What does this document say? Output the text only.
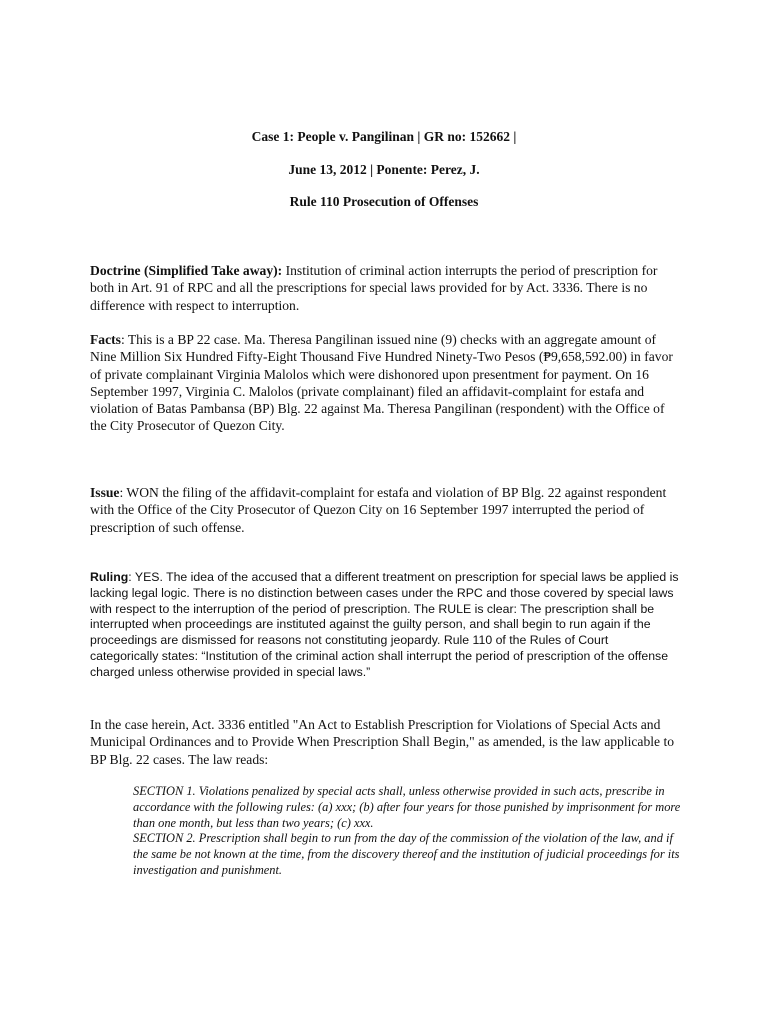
Case 1: People v. Pangilinan | GR no: 152662 |

June 13, 2012 | Ponente: Perez, J.

Rule 110 Prosecution of Offenses

Doctrine (Simplified Take away): Institution of criminal action interrupts the period of prescription for both in Art. 91 of RPC and all the prescriptions for special laws provided for by Act. 3336. There is no difference with respect to interruption.

Facts: This is a BP 22 case. Ma. Theresa Pangilinan issued nine (9) checks with an aggregate amount of Nine Million Six Hundred Fifty-Eight Thousand Five Hundred Ninety-Two Pesos (₱9,658,592.00) in favor of private complainant Virginia Malolos which were dishonored upon presentment for payment. On 16 September 1997, Virginia C. Malolos (private complainant) filed an affidavit-complaint for estafa and violation of Batas Pambansa (BP) Blg. 22 against Ma. Theresa Pangilinan (respondent) with the Office of the City Prosecutor of Quezon City.

Issue: WON the filing of the affidavit-complaint for estafa and violation of BP Blg. 22 against respondent with the Office of the City Prosecutor of Quezon City on 16 September 1997 interrupted the period of prescription of such offense.

Ruling: YES. The idea of the accused that a different treatment on prescription for special laws be applied is lacking legal logic. There is no distinction between cases under the RPC and those covered by special laws with respect to the interruption of the period of prescription. The RULE is clear: The prescription shall be interrupted when proceedings are instituted against the guilty person, and shall begin to run again if the proceedings are dismissed for reasons not constituting jeopardy. Rule 110 of the Rules of Court categorically states: “Institution of the criminal action shall interrupt the period of prescription of the offense charged unless otherwise provided in special laws.”

In the case herein, Act. 3336 entitled "An Act to Establish Prescription for Violations of Special Acts and Municipal Ordinances and to Provide When Prescription Shall Begin," as amended, is the law applicable to BP Blg. 22 cases. The law reads:

SECTION 1. Violations penalized by special acts shall, unless otherwise provided in such acts, prescribe in accordance with the following rules: (a) xxx; (b) after four years for those punished by imprisonment for more than one month, but less than two years; (c) xxx.
SECTION 2. Prescription shall begin to run from the day of the commission of the violation of the law, and if the same be not known at the time, from the discovery thereof and the institution of judicial proceedings for its investigation and punishment.
